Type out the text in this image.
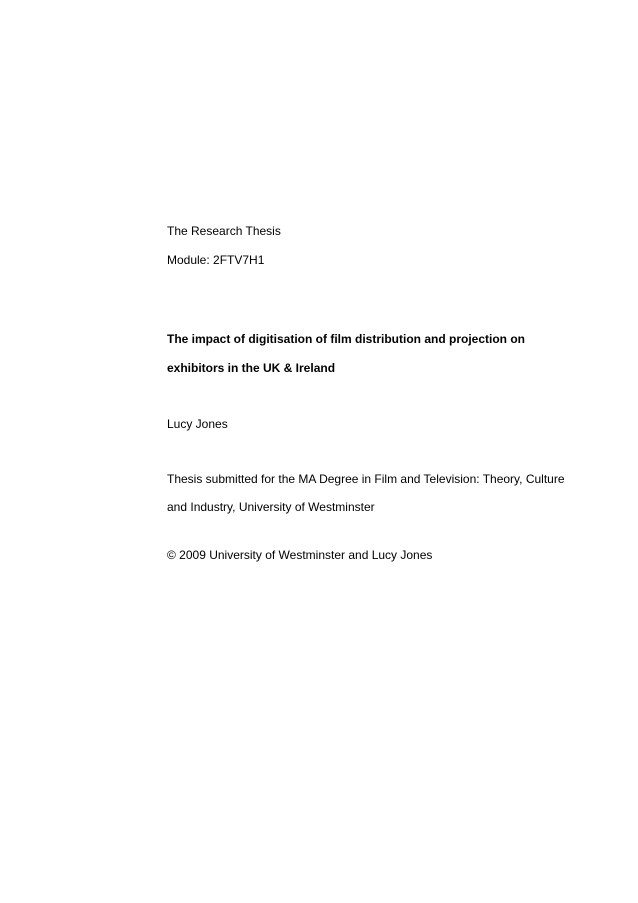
The Research Thesis

Module: 2FTV7H1

The impact of digitisation of film distribution and projection on

exhibitors in the UK & Ireland

Lucy Jones

Thesis submitted for the MA Degree in Film and Television: Theory, Culture

and Industry, University of Westminster

© 2009 University of Westminster and Lucy Jones
